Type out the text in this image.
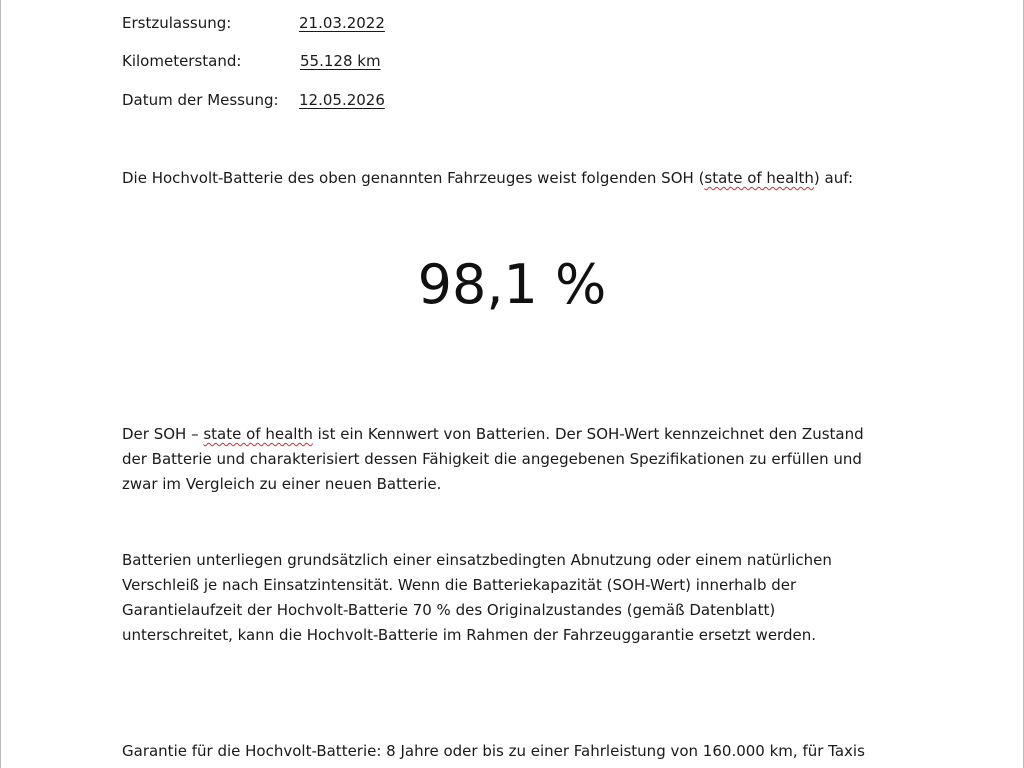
Erstzulassung:	21.03.2022
Kilometerstand:	55.128 km
Datum der Messung: 12.05.2026
Die Hochvolt-Batterie des oben genannten Fahrzeuges weist folgenden SOH (state of health) auf:
98,1 %
Der SOH – state of health ist ein Kennwert von Batterien. Der SOH-Wert kennzeichnet den Zustand
der Batterie und charakterisiert dessen Fähigkeit die angegebenen Spezifikationen zu erfüllen und
zwar im Vergleich zu einer neuen Batterie.
Batterien unterliegen grundsätzlich einer einsatzbedingten Abnutzung oder einem natürlichen
Verschleiß je nach Einsatzintensität. Wenn die Batteriekapazität (SOH-Wert) innerhalb der
Garantielaufzeit der Hochvolt-Batterie 70 % des Originalzustandes (gemäß Datenblatt)
unterschreitet, kann die Hochvolt-Batterie im Rahmen der Fahrzeuggarantie ersetzt werden.
Garantie für die Hochvolt-Batterie: 8 Jahre oder bis zu einer Fahrleistung von 160.000 km, für Taxis
